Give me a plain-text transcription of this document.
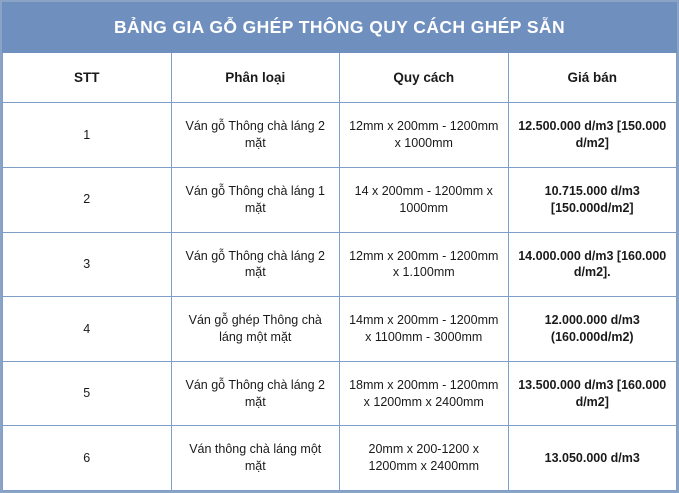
BẢNG GIA GỖ GHÉP THÔNG QUY CÁCH GHÉP SẴN			
STT	Phân loại	Quy cách	Giá bán
1	Ván gỗ Thông chà láng 2 mặt	12mm x 200mm - 1200mm x 1000mm	12.500.000 d/m3 [150.000 d/m2]
2	Ván gỗ Thông chà láng 1 mặt	14 x 200mm - 1200mm x 1000mm	10.715.000 d/m3 [150.000d/m2]
3	Ván gỗ Thông chà láng 2 mặt	12mm x 200mm - 1200mm x 1.100mm	14.000.000 d/m3 [160.000 d/m2].
4	Ván gỗ ghép Thông chà láng một mặt	14mm x 200mm - 1200mm x 1100mm - 3000mm	12.000.000 d/m3 (160.000d/m2)
5	Ván gỗ Thông chà láng 2 mặt	18mm x 200mm - 1200mm x 1200mm x 2400mm	13.500.000 d/m3 [160.000 d/m2]
6	Ván thông chà láng một mặt	20mm x 200-1200 x 1200mm x 2400mm	13.050.000 d/m3
